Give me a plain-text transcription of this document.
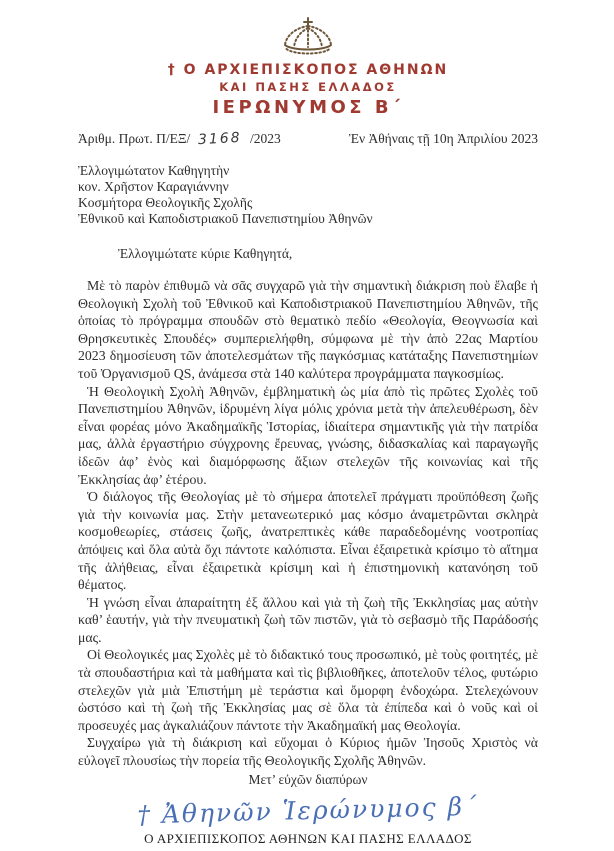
† Ο ΑΡΧΙΕΠΙΣΚΟΠΟΣ ΑΘΗΝΩΝ
ΚΑΙ ΠΑΣΗΣ ΕΛΛΑΔΟΣ
ΙΕΡΩΝΥΜΟΣ Β΄
Ἀριθμ. Πρωτ. Π/ΕΞ/ 3168 /2023	Ἐν Ἀθήναις τῇ 10η Ἀπριλίου 2023
Ἐλλογιμώτατον Καθηγητὴν
κον. Χρῆστον Καραγιάννην
Κοσμήτορα Θεολογικῆς Σχολῆς
Ἐθνικοῦ καὶ Καποδιστριακοῦ Πανεπιστημίου Ἀθηνῶν
Ἐλλογιμώτατε κύριε Καθηγητά,

Μὲ τὸ παρὸν ἐπιθυμῶ νὰ σᾶς συγχαρῶ γιὰ τὴν σημαντικὴ διάκριση ποὺ ἔλαβε ἡ Θεολογικὴ Σχολὴ τοῦ Ἐθνικοῦ καὶ Καποδιστριακοῦ Πανεπιστημίου Ἀθηνῶν, τῆς ὁποίας τὸ πρόγραμμα σπουδῶν στὸ θεματικὸ πεδίο «Θεολογία, Θεογνωσία καὶ Θρησκευτικὲς Σπουδές» συμπεριελήφθη, σύμφωνα μὲ τὴν ἀπὸ 22ας Μαρτίου 2023 δημοσίευση τῶν ἀποτελεσμάτων τῆς παγκόσμιας κατάταξης Πανεπιστημίων τοῦ Ὀργανισμοῦ QS, ἀνάμεσα στὰ 140 καλύτερα προγράμματα παγκοσμίως.

Ἡ Θεολογικὴ Σχολὴ Ἀθηνῶν, ἐμβληματικὴ ὡς μία ἀπὸ τὶς πρῶτες Σχολὲς τοῦ Πανεπιστημίου Ἀθηνῶν, ἱδρυμένη λίγα μόλις χρόνια μετὰ τὴν ἀπελευθέρωση, δὲν εἶναι φορέας μόνο Ἀκαδημαϊκῆς Ἱστορίας, ἰδιαίτερα σημαντικῆς γιὰ τὴν πατρίδα μας, ἀλλὰ ἐργαστήριο σύγχρονης ἔρευνας, γνώσης, διδασκαλίας καὶ παραγωγῆς ἰδεῶν ἀφ’ ἑνὸς καὶ διαμόρφωσης ἄξιων στελεχῶν τῆς κοινωνίας καὶ τῆς Ἐκκλησίας ἀφ’ ἑτέρου.

Ὁ διάλογος τῆς Θεολογίας μὲ τὸ σήμερα ἀποτελεῖ πράγματι προϋπόθεση ζωῆς γιὰ τὴν κοινωνία μας. Στὴν μετανεωτερικό μας κόσμο ἀναμετρῶνται σκληρὰ κοσμοθεωρίες, στάσεις ζωῆς, ἀνατρεπτικὲς κάθε παραδεδομένης νοοτροπίας ἀπόψεις καὶ ὅλα αὐτὰ ὄχι πάντοτε καλόπιστα. Εἶναι ἐξαιρετικὰ κρίσιμο τὸ αἴτημα τῆς ἀλήθειας, εἶναι ἐξαιρετικὰ κρίσιμη καὶ ἡ ἐπιστημονικὴ κατανόηση τοῦ θέματος.

Ἡ γνώση εἶναι ἀπαραίτητη ἐξ ἄλλου καὶ γιὰ τὴ ζωὴ τῆς Ἐκκλησίας μας αὐτὴν καθ’ ἑαυτήν, γιὰ τὴν πνευματικὴ ζωὴ τῶν πιστῶν, γιὰ τὸ σεβασμὸ τῆς Παράδοσής μας.

Οἱ Θεολογικές μας Σχολὲς μὲ τὸ διδακτικό τους προσωπικό, μὲ τοὺς φοιτητές, μὲ τὰ σπουδαστήρια καὶ τὰ μαθήματα καὶ τὶς βιβλιοθῆκες, ἀποτελοῦν τέλος, φυτώριο στελεχῶν γιὰ μιὰ Ἐπιστήμη μὲ τεράστια καὶ ὄμορφη ἐνδοχώρα. Στελεχώνουν ὡστόσο καὶ τὴ ζωὴ τῆς Ἐκκλησίας μας σὲ ὅλα τὰ ἐπίπεδα καὶ ὁ νοῦς καὶ οἱ προσευχές μας ἀγκαλιάζουν πάντοτε τὴν Ἀκαδημαϊκή μας Θεολογία.

Συγχαίρω γιὰ τὴ διάκριση καὶ εὔχομαι ὁ Κύριος ἡμῶν Ἰησοῦς Χριστὸς νὰ εὐλογεῖ πλουσίως τὴν πορεία τῆς Θεολογικῆς Σχολῆς Ἀθηνῶν.

Μετ’ εὐχῶν διαπύρων
† Ἀθηνῶν Ἱερώνυμος β΄
Ο ΑΡΧΙΕΠΙΣΚΟΠΟΣ ΑΘΗΝΩΝ ΚΑΙ ΠΑΣΗΣ ΕΛΛΑΔΟΣ
